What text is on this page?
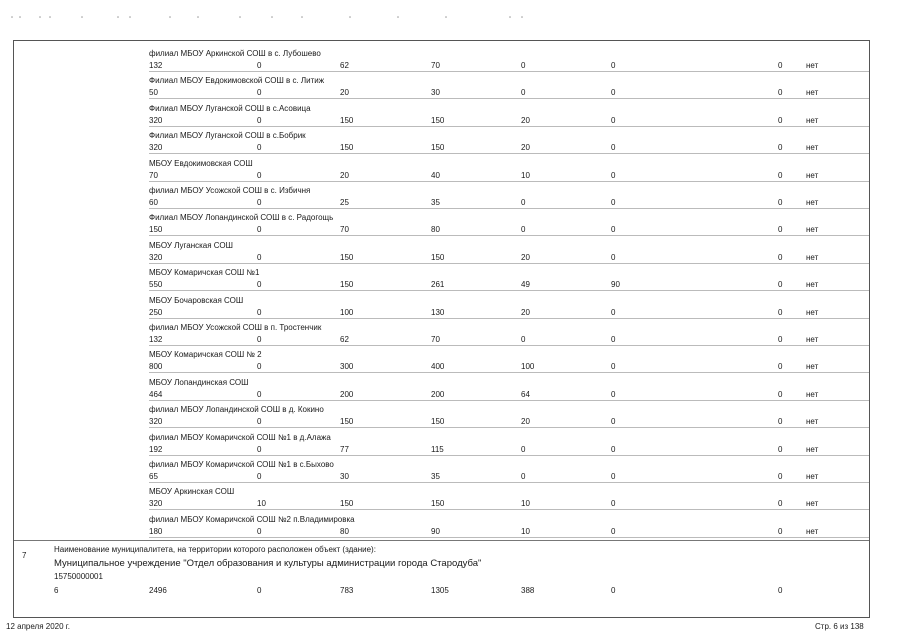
филиал МБОУ Аркинской СОШ в с. Лубошево
132	0	62	70	0	0	0	нет
Филиал МБОУ Евдокимовской СОШ в с. Литиж
50	0	20	30	0	0	0	нет
Филиал МБОУ Луганской СОШ в с.Асовица
320	0	150	150	20	0	0	нет
Филиал МБОУ Луганской СОШ в с.Бобрик
320	0	150	150	20	0	0	нет
МБОУ Евдокимовская СОШ
70	0	20	40	10	0	0	нет
филиал МБОУ Усожской СОШ в с. Избичня
60	0	25	35	0	0	0	нет
Филиал МБОУ Лопандинской СОШ в с. Радогощь
150	0	70	80	0	0	0	нет
МБОУ Луганская СОШ
320	0	150	150	20	0	0	нет
МБОУ Комаричская СОШ №1
550	0	150	261	49	90	0	нет
МБОУ Бочаровская СОШ
250	0	100	130	20	0	0	нет
филиал МБОУ Усожской СОШ в п. Тростенчик
132	0	62	70	0	0	0	нет
МБОУ Комаричская СОШ № 2
800	0	300	400	100	0	0	нет
МБОУ Лопандинская СОШ
464	0	200	200	64	0	0	нет
филиал МБОУ Лопандинской СОШ в д. Кокино
320	0	150	150	20	0	0	нет
филиал МБОУ Комаричской СОШ №1 в д.Алажа
192	0	77	115	0	0	0	нет
филиал МБОУ Комаричской СОШ №1 в с.Быхово
65	0	30	35	0	0	0	нет
МБОУ Аркинская СОШ
320	10	150	150	10	0	0	нет
филиал МБОУ Комаричской СОШ №2 п.Владимировка
180	0	80	90	10	0	0	нет
7
Наименование муниципалитета, на территории которого расположен объект (здание):
Муниципальное учреждение "Отдел образования и культуры администрации города Стародуба"
15750000001
6	2496	0	783	1305	388	0	0
12 апреля 2020 г.	Стр. 6 из 138
